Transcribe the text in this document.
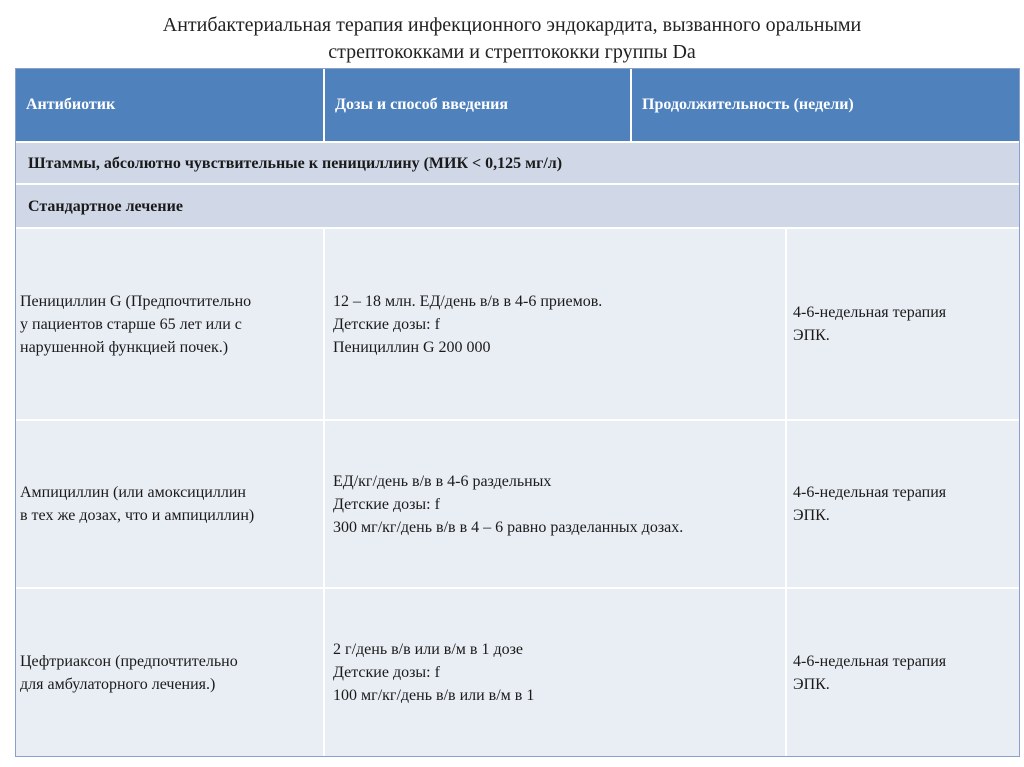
Антибактериальная терапия инфекционного эндокардита, вызванного оральными
стрептококками и стрептококки группы Da
Антибиотик	Дозы и способ введения	Продолжительность (недели)
Штаммы, абсолютно чувствительные к пенициллину (МИК < 0,125 мг/л)
Стандартное лечение
Пенициллин G (Предпочтительно
у пациентов старше 65 лет или с
нарушенной функцией почек.)
12 – 18 млн. ЕД/день в/в в 4-6 приемов.
Детские дозы: f
Пенициллин G 200 000
4-6-недельная терапия
ЭПК.
Ампициллин (или амоксициллин
в тех же дозах, что и ампициллин)
ЕД/кг/день в/в в 4-6 раздельных
Детские дозы: f
300 мг/кг/день в/в в 4 – 6 равно разделанных дозах.
4-6-недельная терапия
ЭПК.
Цефтриаксон (предпочтительно
для амбулаторного лечения.)
2 г/день в/в или в/м в 1 дозе
Детские дозы: f
100 мг/кг/день в/в или в/м в 1
4-6-недельная терапия
ЭПК.
